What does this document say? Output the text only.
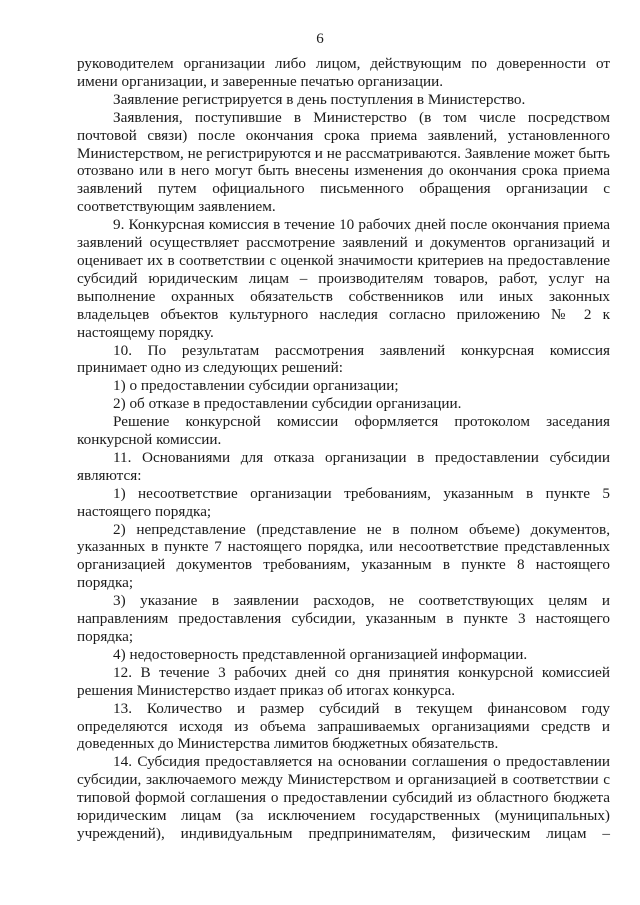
6

руководителем организации либо лицом, действующим по доверенности от имени организации, и заверенные печатью организации.

Заявление регистрируется в день поступления в Министерство.

Заявления, поступившие в Министерство (в том числе посредством почтовой связи) после окончания срока приема заявлений, установленного Министерством, не регистрируются и не рассматриваются. Заявление может быть отозвано или в него могут быть внесены изменения до окончания срока приема заявлений путем официального письменного обращения организации с соответствующим заявлением.

9. Конкурсная комиссия в течение 10 рабочих дней после окончания приема заявлений осуществляет рассмотрение заявлений и документов организаций и оценивает их в соответствии с оценкой значимости критериев на предоставление субсидий юридическим лицам – производителям товаров, работ, услуг на выполнение охранных обязательств собственников или иных законных владельцев объектов культурного наследия согласно приложению № 2 к настоящему порядку.

10. По результатам рассмотрения заявлений конкурсная комиссия принимает одно из следующих решений:

1) о предоставлении субсидии организации;

2) об отказе в предоставлении субсидии организации.

Решение конкурсной комиссии оформляется протоколом заседания конкурсной комиссии.

11. Основаниями для отказа организации в предоставлении субсидии являются:

1) несоответствие организации требованиям, указанным в пункте 5 настоящего порядка;

2) непредставление (представление не в полном объеме) документов, указанных в пункте 7 настоящего порядка, или несоответствие представленных организацией документов требованиям, указанным в пункте 8 настоящего порядка;

3) указание в заявлении расходов, не соответствующих целям и направлениям предоставления субсидии, указанным в пункте 3 настоящего порядка;

4) недостоверность представленной организацией информации.

12. В течение 3 рабочих дней со дня принятия конкурсной комиссией решения Министерство издает приказ об итогах конкурса.

13. Количество и размер субсидий в текущем финансовом году определяются исходя из объема запрашиваемых организациями средств и доведенных до Министерства лимитов бюджетных обязательств.

14. Субсидия предоставляется на основании соглашения о предоставлении субсидии, заключаемого между Министерством и организацией в соответствии с типовой формой соглашения о предоставлении субсидий из областного бюджета юридическим лицам (за исключением государственных (муниципальных) учреждений), индивидуальным предпринимателям, физическим лицам –
